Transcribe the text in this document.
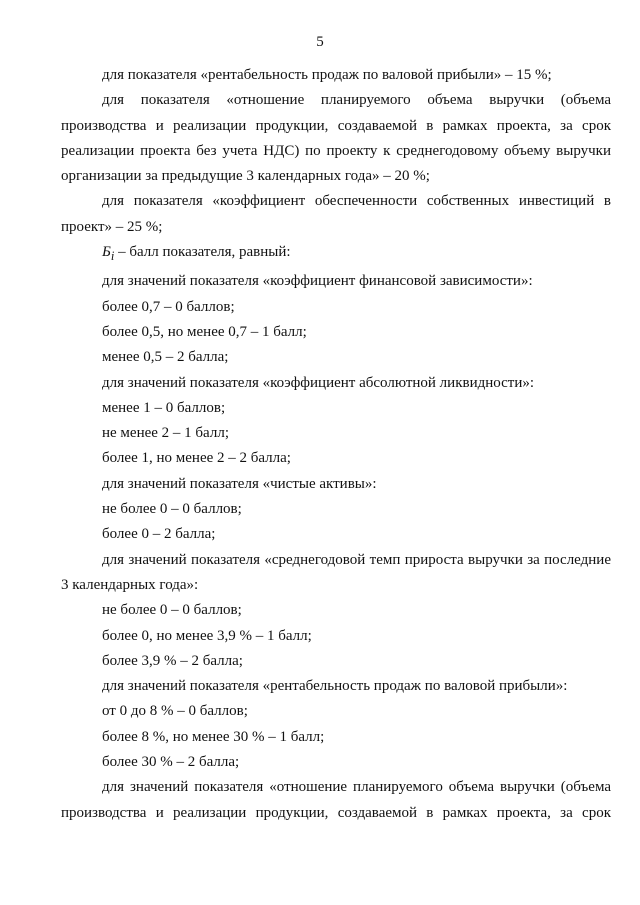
5

для показателя «рентабельность продаж по валовой прибыли» – 15 %;

для показателя «отношение планируемого объема выручки (объема производства и реализации продукции, создаваемой в рамках проекта, за срок реализации проекта без учета НДС) по проекту к среднегодовому объему выручки организации за предыдущие 3 календарных года» – 20 %;

для показателя «коэффициент обеспеченности собственных инвестиций в проект» – 25 %;

$Б_i$ – балл показателя, равный:

для значений показателя «коэффициент финансовой зависимости»:

более 0,7 – 0 баллов;

более 0,5, но менее 0,7 – 1 балл;

менее 0,5 – 2 балла;

для значений показателя «коэффициент абсолютной ликвидности»:

менее 1 – 0 баллов;

не менее 2 – 1 балл;

более 1, но менее 2 – 2 балла;

для значений показателя «чистые активы»:

не более 0 – 0 баллов;

более 0 – 2 балла;

для значений показателя «среднегодовой темп прироста выручки за последние 3 календарных года»:

не более 0 – 0 баллов;

более 0, но менее 3,9 % – 1 балл;

более 3,9 % – 2 балла;

для значений показателя «рентабельность продаж по валовой прибыли»:

от 0 до 8 % – 0 баллов;

более 8 %, но менее 30 % – 1 балл;

более 30 % – 2 балла;

для значений показателя «отношение планируемого объема выручки (объема производства и реализации продукции, создаваемой в рамках проекта, за срок
